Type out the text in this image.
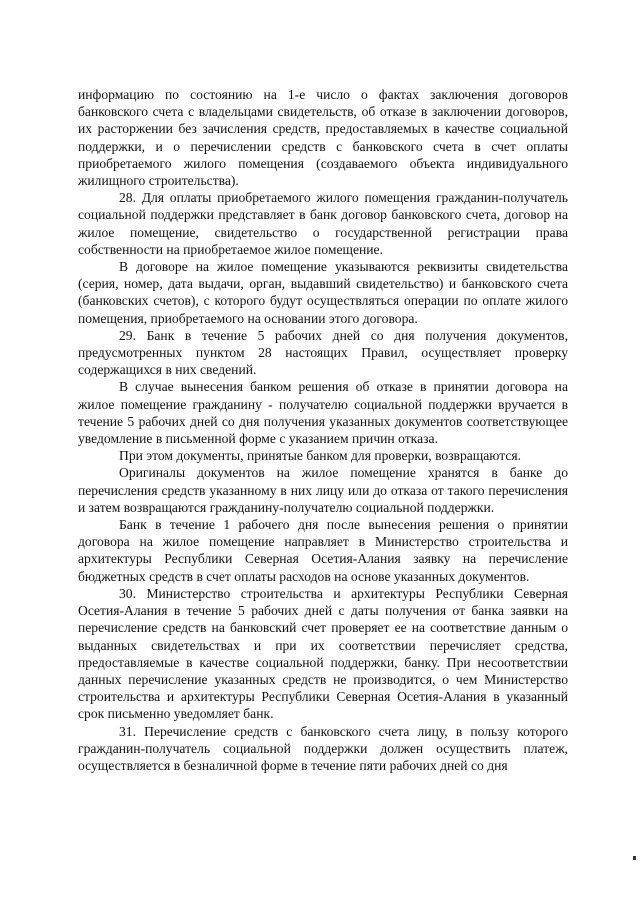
информацию по состоянию на 1-е число о фактах заключения договоров банковского счета с владельцами свидетельств, об отказе в заключении договоров, их расторжении без зачисления средств, предоставляемых в качестве социальной поддержки, и о перечислении средств с банковского счета в счет оплаты приобретаемого жилого помещения (создаваемого объекта индивидуального жилищного строительства).

28. Для оплаты приобретаемого жилого помещения гражданин-получатель социальной поддержки представляет в банк договор банковского счета, договор на жилое помещение, свидетельство о государственной регистрации права собственности на приобретаемое жилое помещение.

В договоре на жилое помещение указываются реквизиты свидетельства (серия, номер, дата выдачи, орган, выдавший свидетельство) и банковского счета (банковских счетов), с которого будут осуществляться операции по оплате жилого помещения, приобретаемого на основании этого договора.

29. Банк в течение 5 рабочих дней со дня получения документов, предусмотренных пунктом 28 настоящих Правил, осуществляет проверку содержащихся в них сведений.

В случае вынесения банком решения об отказе в принятии договора на жилое помещение гражданину - получателю социальной поддержки вручается в течение 5 рабочих дней со дня получения указанных документов соответствующее уведомление в письменной форме с указанием причин отказа.

При этом документы, принятые банком для проверки, возвращаются.

Оригиналы документов на жилое помещение хранятся в банке до перечисления средств указанному в них лицу или до отказа от такого перечисления и затем возвращаются гражданину-получателю социальной поддержки.

Банк в течение 1 рабочего дня после вынесения решения о принятии договора на жилое помещение направляет в Министерство строительства и архитектуры Республики Северная Осетия-Алания заявку на перечисление бюджетных средств в счет оплаты расходов на основе указанных документов.

30. Министерство строительства и архитектуры Республики Северная Осетия-Алания в течение 5 рабочих дней с даты получения от банка заявки на перечисление средств на банковский счет проверяет ее на соответствие данным о выданных свидетельствах и при их соответствии перечисляет средства, предоставляемые в качестве социальной поддержки, банку. При несоответствии данных перечисление указанных средств не производится, о чем Министерство строительства и архитектуры Республики Северная Осетия-Алания в указанный срок письменно уведомляет банк.

31. Перечисление средств с банковского счета лицу, в пользу которого гражданин-получатель социальной поддержки должен осуществить платеж, осуществляется в безналичной форме в течение пяти рабочих дней со дня
